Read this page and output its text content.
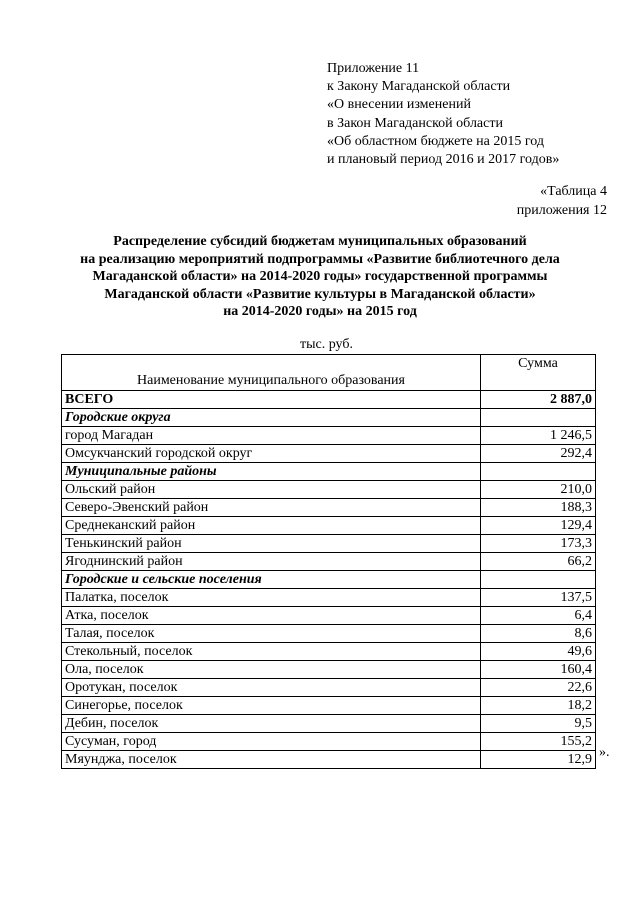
Приложение 11
к Закону Магаданской области
«О внесении изменений
в Закон Магаданской области
«Об областном бюджете на 2015 год
и плановый период 2016 и 2017 годов»
«Таблица 4
приложения 12
Распределение субсидий бюджетам муниципальных образований
на реализацию мероприятий подпрограммы «Развитие библиотечного дела
Магаданской области» на 2014-2020 годы» государственной программы
Магаданской области «Развитие культуры в Магаданской области»
на 2014-2020 годы» на 2015 год
тыс. руб.
Наименование муниципального образования	Сумма
ВСЕГО	2 887,0
Городские округа	
город Магадан	1 246,5
Омсукчанский городской округ	292,4
Муниципальные районы	
Ольский район	210,0
Северо-Эвенский район	188,3
Среднеканский район	129,4
Тенькинский район	173,3
Ягоднинский район	66,2
Городские и сельские поселения	
Палатка, поселок	137,5
Атка, поселок	6,4
Талая, поселок	8,6
Стекольный, поселок	49,6
Ола, поселок	160,4
Оротукан, поселок	22,6
Синегорье, поселок	18,2
Дебин, поселок	9,5
Сусуман, город	155,2
Мяунджа, поселок	12,9 ».
